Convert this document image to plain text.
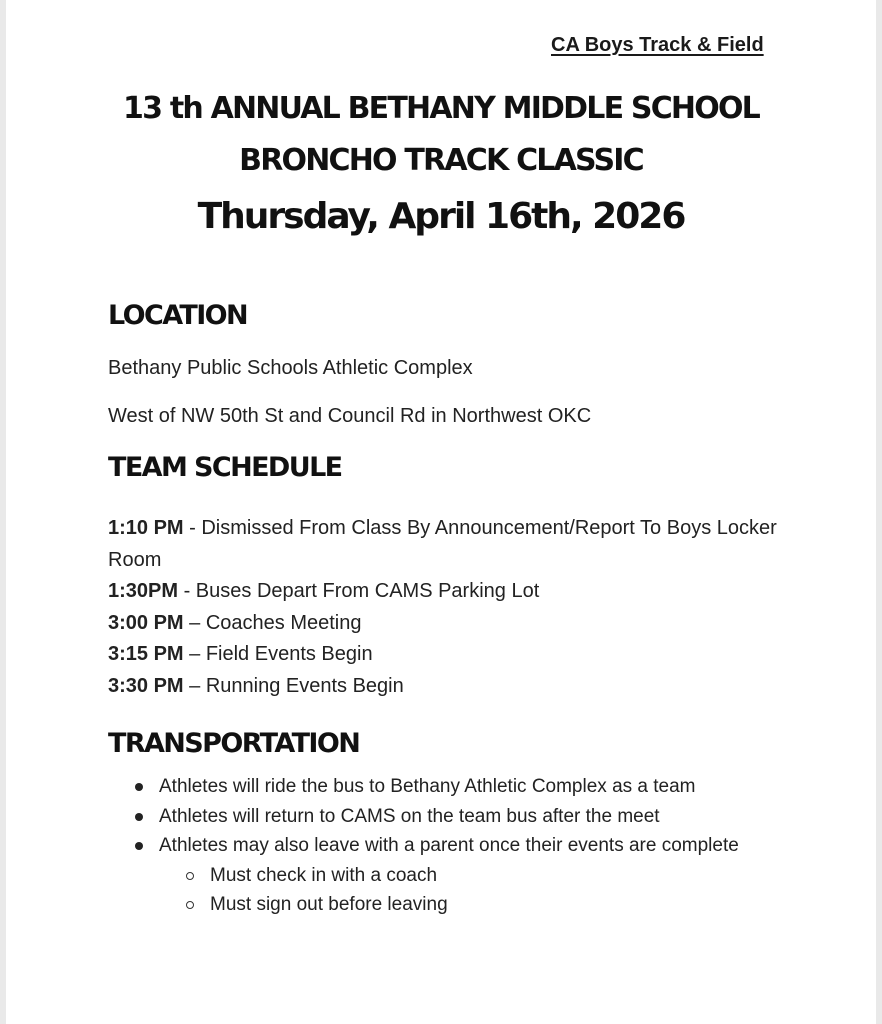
CA Boys Track & Field
13 th ANNUAL BETHANY MIDDLE SCHOOL
BRONCHO TRACK CLASSIC
Thursday, April 16th, 2026
LOCATION
Bethany Public Schools Athletic Complex
West of NW 50th St and Council Rd in Northwest OKC
TEAM SCHEDULE
1:10 PM - Dismissed From Class By Announcement/Report To Boys Locker Room
1:30PM - Buses Depart From CAMS Parking Lot
3:00 PM – Coaches Meeting
3:15 PM – Field Events Begin
3:30 PM – Running Events Begin
TRANSPORTATION
Athletes will ride the bus to Bethany Athletic Complex as a team
Athletes will return to CAMS on the team bus after the meet
Athletes may also leave with a parent once their events are complete
Must check in with a coach
Must sign out before leaving
